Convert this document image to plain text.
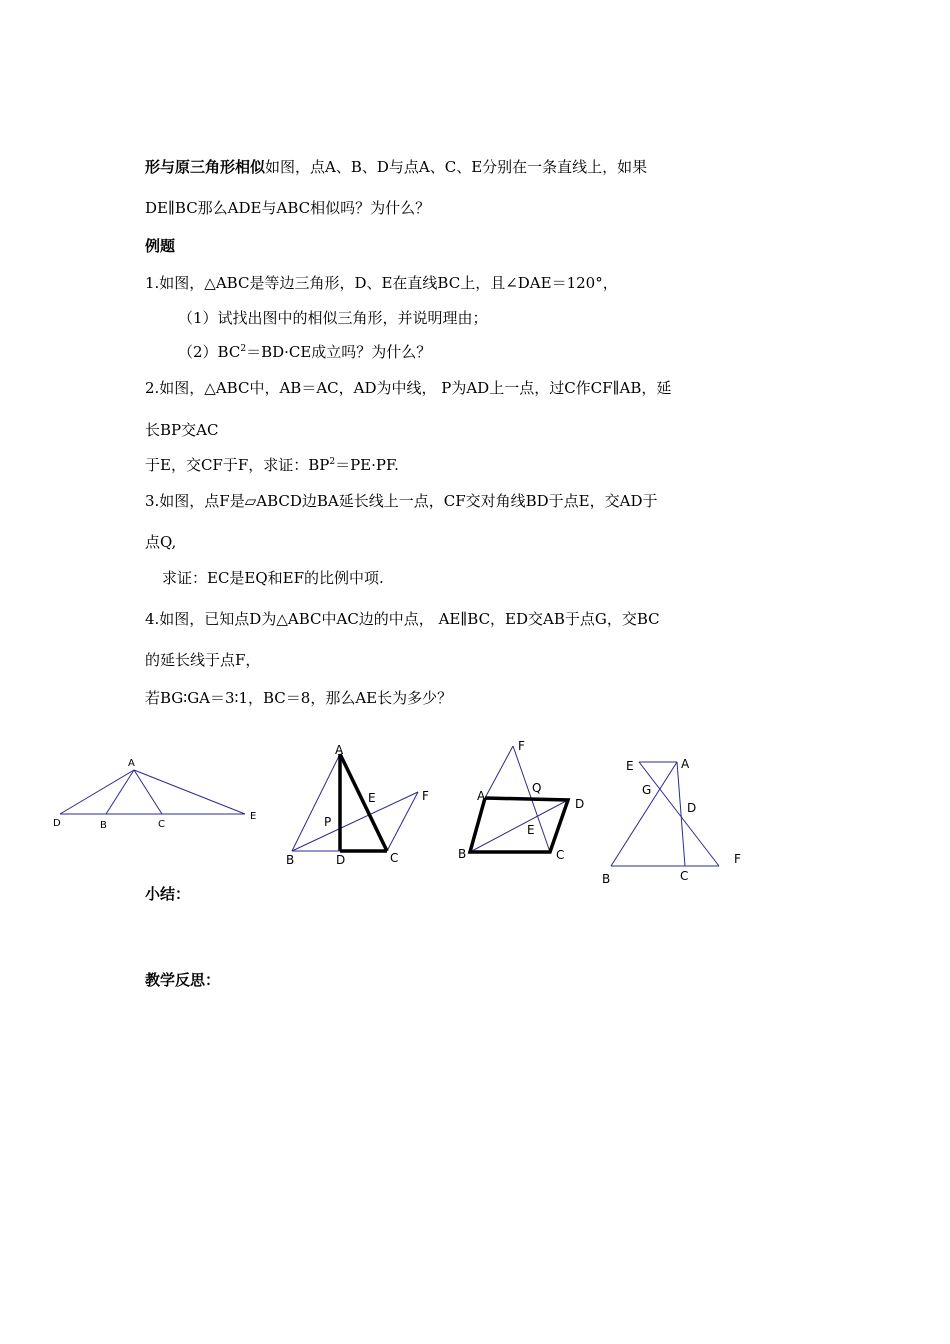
形与原三角形相似如图，点A、B、D与点A、C、E分别在一条直线上，如果
DE∥BC那么ADE与ABC相似吗？为什么？
例题
1.如图，△ABC是等边三角形，D、E在直线BC上，且∠DAE＝120°，
（1）试找出图中的相似三角形，并说明理由；
$(2)BC^2=BD\cdot CE$成立吗？为什么？
2.如图，△ABC中，AB＝AC，AD为中线， P为AD上一点，过C作CF∥AB，延
长BP交AC
于E，交CF于F，求证：$BP^2=PE\cdot PF$.
3.如图，点F是▱ABCD边BA延长线上一点，CF交对角线BD于点E，交AD于
点Q,
求证：EC是EQ和EF的比例中项.
4.如图，已知点D为△ABC中AC边的中点， AE∥BC，ED交AB于点G，交BC
的延长线于点F，
若BG∶GA＝3∶1，BC＝8，那么AE长为多少？
A
D	B	C
E
A
E	F
P
B	D	C
F
A
Q
D
E
B	C
E	A
G
D
F
B	C
小结：
教学反思：
